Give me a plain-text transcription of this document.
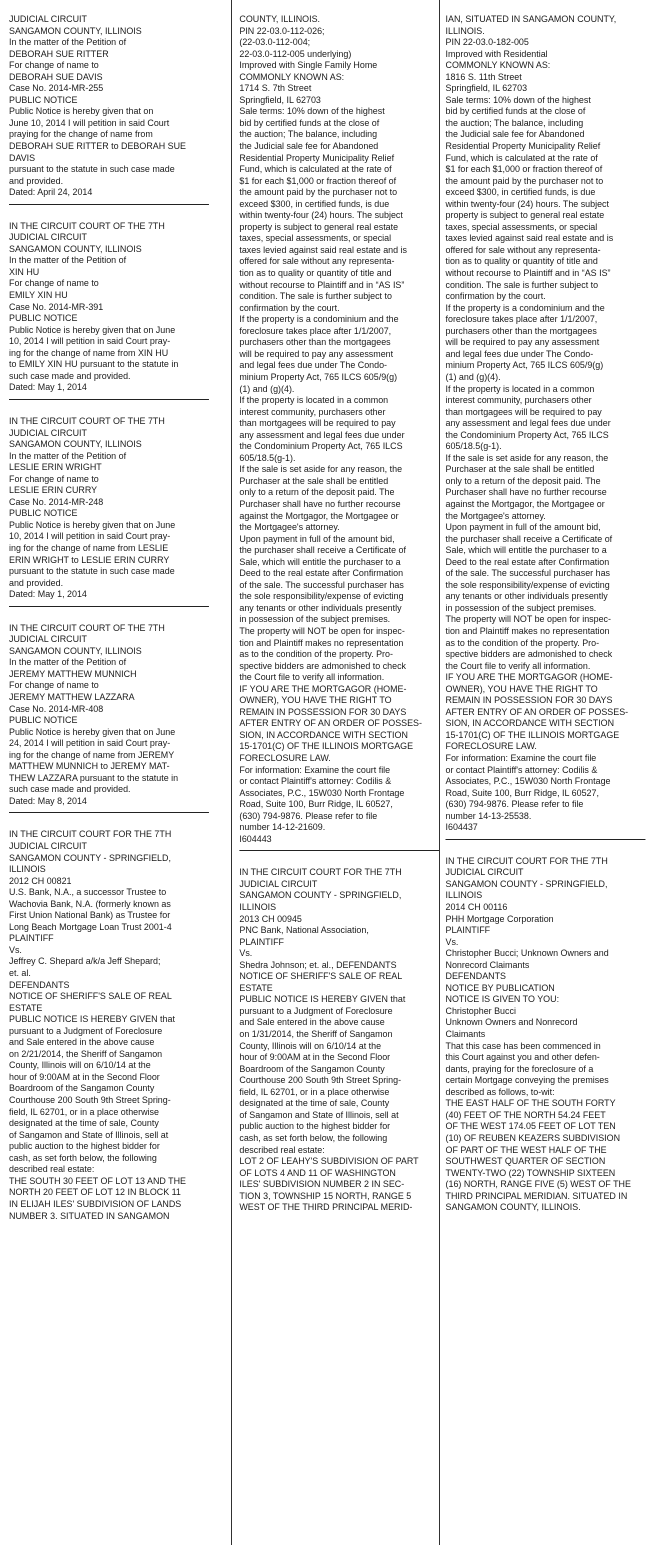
JUDICIAL CIRCUIT
SANGAMON COUNTY, ILLINOIS
In the matter of the Petition of
DEBORAH SUE RITTER
For change of name to
DEBORAH SUE DAVIS
Case No. 2014-MR-255
PUBLIC NOTICE
Public Notice is hereby given that on
June 10, 2014 I will petition in said Court
praying for the change of name from
DEBORAH SUE RITTER to DEBORAH SUE
DAVIS
pursuant to the statute in such case made
and provided.
Dated: April 24, 2014
IN THE CIRCUIT COURT OF THE 7TH
JUDICIAL CIRCUIT
SANGAMON COUNTY, ILLINOIS
In the matter of the Petition of
XIN HU
For change of name to
EMILY XIN HU
Case No. 2014-MR-391
PUBLIC NOTICE
Public Notice is hereby given that on June
10, 2014 I will petition in said Court pray-
ing for the change of name from XIN HU
to EMILY XIN HU pursuant to the statute in
such case made and provided.
Dated: May 1, 2014
IN THE CIRCUIT COURT OF THE 7TH
JUDICIAL CIRCUIT
SANGAMON COUNTY, ILLINOIS
In the matter of the Petition of
LESLIE ERIN WRIGHT
For change of name to
LESLIE ERIN CURRY
Case No. 2014-MR-248
PUBLIC NOTICE
Public Notice is hereby given that on June
10, 2014 I will petition in said Court pray-
ing for the change of name from LESLIE
ERIN WRIGHT to LESLIE ERIN CURRY
pursuant to the statute in such case made
and provided.
Dated: May 1, 2014
IN THE CIRCUIT COURT OF THE 7TH
JUDICIAL CIRCUIT
SANGAMON COUNTY, ILLINOIS
In the matter of the Petition of
JEREMY MATTHEW MUNNICH
For change of name to
JEREMY MATTHEW LAZZARA
Case No. 2014-MR-408
PUBLIC NOTICE
Public Notice is hereby given that on June
24, 2014 I will petition in said Court pray-
ing for the change of name from JEREMY
MATTHEW MUNNICH to JEREMY MAT-
THEW LAZZARA pursuant to the statute in
such case made and provided.
Dated: May 8, 2014
IN THE CIRCUIT COURT FOR THE 7TH
JUDICIAL CIRCUIT
SANGAMON COUNTY - SPRINGFIELD,
ILLINOIS
2012 CH 00821
U.S. Bank, N.A., a successor Trustee to
Wachovia Bank, N.A. (formerly known as
First Union National Bank) as Trustee for
Long Beach Mortgage Loan Trust 2001-4
PLAINTIFF
Vs.
Jeffrey C. Shepard a/k/a Jeff Shepard;
et. al.
DEFENDANTS
NOTICE OF SHERIFF'S SALE OF REAL
ESTATE
PUBLIC NOTICE IS HEREBY GIVEN that
pursuant to a Judgment of Foreclosure
and Sale entered in the above cause
on 2/21/2014, the Sheriff of Sangamon
County, Illinois will on 6/10/14 at the
hour of 9:00AM at in the Second Floor
Boardroom of the Sangamon County
Courthouse 200 South 9th Street Spring-
field, IL 62701, or in a place otherwise
designated at the time of sale, County
of Sangamon and State of Illinois, sell at
public auction to the highest bidder for
cash, as set forth below, the following
described real estate:
THE SOUTH 30 FEET OF LOT 13 AND THE
NORTH 20 FEET OF LOT 12 IN BLOCK 11
IN ELIJAH ILES' SUBDIVISION OF LANDS
NUMBER 3. SITUATED IN SANGAMON
COUNTY, ILLINOIS.
PIN 22-03.0-112-026;
(22-03.0-112-004;
22-03.0-112-005 underlying)
Improved with Single Family Home
COMMONLY KNOWN AS:
1714 S. 7th Street
Springfield, IL 62703
Sale terms: 10% down of the highest
bid by certified funds at the close of
the auction; The balance, including
the Judicial sale fee for Abandoned
Residential Property Municipality Relief
Fund, which is calculated at the rate of
$1 for each $1,000 or fraction thereof of
the amount paid by the purchaser not to
exceed $300, in certified funds, is due
within twenty-four (24) hours. The subject
property is subject to general real estate
taxes, special assessments, or special
taxes levied against said real estate and is
offered for sale without any representa-
tion as to quality or quantity of title and
without recourse to Plaintiff and in “AS IS”
condition. The sale is further subject to
confirmation by the court.
If the property is a condominium and the
foreclosure takes place after 1/1/2007,
purchasers other than the mortgagees
will be required to pay any assessment
and legal fees due under The Condo-
minium Property Act, 765 ILCS 605/9(g)
(1) and (g)(4).
If the property is located in a common
interest community, purchasers other
than mortgagees will be required to pay
any assessment and legal fees due under
the Condominium Property Act, 765 ILCS
605/18.5(g-1).
If the sale is set aside for any reason, the
Purchaser at the sale shall be entitled
only to a return of the deposit paid. The
Purchaser shall have no further recourse
against the Mortgagor, the Mortgagee or
the Mortgagee's attorney.
Upon payment in full of the amount bid,
the purchaser shall receive a Certificate of
Sale, which will entitle the purchaser to a
Deed to the real estate after Confirmation
of the sale. The successful purchaser has
the sole responsibility/expense of evicting
any tenants or other individuals presently
in possession of the subject premises.
The property will NOT be open for inspec-
tion and Plaintiff makes no representation
as to the condition of the property. Pro-
spective bidders are admonished to check
the Court file to verify all information.
IF YOU ARE THE MORTGAGOR (HOME-
OWNER), YOU HAVE THE RIGHT TO
REMAIN IN POSSESSION FOR 30 DAYS
AFTER ENTRY OF AN ORDER OF POSSES-
SION, IN ACCORDANCE WITH SECTION
15-1701(C) OF THE ILLINOIS MORTGAGE
FORECLOSURE LAW.
For information: Examine the court file
or contact Plaintiff's attorney: Codilis &
Associates, P.C., 15W030 North Frontage
Road, Suite 100, Burr Ridge, IL 60527,
(630) 794-9876. Please refer to file
number 14-12-21609.
I604443
IN THE CIRCUIT COURT FOR THE 7TH
JUDICIAL CIRCUIT
SANGAMON COUNTY - SPRINGFIELD,
ILLINOIS
2013 CH 00945
PNC Bank, National Association,
PLAINTIFF
Vs.
Shedra Johnson; et. al., DEFENDANTS
NOTICE OF SHERIFF'S SALE OF REAL
ESTATE
PUBLIC NOTICE IS HEREBY GIVEN that
pursuant to a Judgment of Foreclosure
and Sale entered in the above cause
on 1/31/2014, the Sheriff of Sangamon
County, Illinois will on 6/10/14 at the
hour of 9:00AM at in the Second Floor
Boardroom of the Sangamon County
Courthouse 200 South 9th Street Spring-
field, IL 62701, or in a place otherwise
designated at the time of sale, County
of Sangamon and State of Illinois, sell at
public auction to the highest bidder for
cash, as set forth below, the following
described real estate:
LOT 2 OF LEAHY'S SUBDIVISION OF PART
OF LOTS 4 AND 11 OF WASHINGTON
ILES' SUBDIVISION NUMBER 2 IN SEC-
TION 3, TOWNSHIP 15 NORTH, RANGE 5
WEST OF THE THIRD PRINCIPAL MERID-
IAN, SITUATED IN SANGAMON COUNTY,
ILLINOIS.
PIN 22-03.0-182-005
Improved with Residential
COMMONLY KNOWN AS:
1816 S. 11th Street
Springfield, IL 62703
Sale terms: 10% down of the highest
bid by certified funds at the close of
the auction; The balance, including
the Judicial sale fee for Abandoned
Residential Property Municipality Relief
Fund, which is calculated at the rate of
$1 for each $1,000 or fraction thereof of
the amount paid by the purchaser not to
exceed $300, in certified funds, is due
within twenty-four (24) hours. The subject
property is subject to general real estate
taxes, special assessments, or special
taxes levied against said real estate and is
offered for sale without any representa-
tion as to quality or quantity of title and
without recourse to Plaintiff and in “AS IS”
condition. The sale is further subject to
confirmation by the court.
If the property is a condominium and the
foreclosure takes place after 1/1/2007,
purchasers other than the mortgagees
will be required to pay any assessment
and legal fees due under The Condo-
minium Property Act, 765 ILCS 605/9(g)
(1) and (g)(4).
If the property is located in a common
interest community, purchasers other
than mortgagees will be required to pay
any assessment and legal fees due under
the Condominium Property Act, 765 ILCS
605/18.5(g-1).
If the sale is set aside for any reason, the
Purchaser at the sale shall be entitled
only to a return of the deposit paid. The
Purchaser shall have no further recourse
against the Mortgagor, the Mortgagee or
the Mortgagee's attorney.
Upon payment in full of the amount bid,
the purchaser shall receive a Certificate of
Sale, which will entitle the purchaser to a
Deed to the real estate after Confirmation
of the sale. The successful purchaser has
the sole responsibility/expense of evicting
any tenants or other individuals presently
in possession of the subject premises.
The property will NOT be open for inspec-
tion and Plaintiff makes no representation
as to the condition of the property. Pro-
spective bidders are admonished to check
the Court file to verify all information.
IF YOU ARE THE MORTGAGOR (HOME-
OWNER), YOU HAVE THE RIGHT TO
REMAIN IN POSSESSION FOR 30 DAYS
AFTER ENTRY OF AN ORDER OF POSSES-
SION, IN ACCORDANCE WITH SECTION
15-1701(C) OF THE ILLINOIS MORTGAGE
FORECLOSURE LAW.
For information: Examine the court file
or contact Plaintiff's attorney: Codilis &
Associates, P.C., 15W030 North Frontage
Road, Suite 100, Burr Ridge, IL 60527,
(630) 794-9876. Please refer to file
number 14-13-25538.
I604437
IN THE CIRCUIT COURT FOR THE 7TH
JUDICIAL CIRCUIT
SANGAMON COUNTY - SPRINGFIELD,
ILLINOIS
2014 CH 00116
PHH Mortgage Corporation
PLAINTIFF
Vs.
Christopher Bucci; Unknown Owners and
Nonrecord Claimants
DEFENDANTS
NOTICE BY PUBLICATION
NOTICE IS GIVEN TO YOU:
Christopher Bucci
Unknown Owners and Nonrecord
Claimants
That this case has been commenced in
this Court against you and other defen-
dants, praying for the foreclosure of a
certain Mortgage conveying the premises
described as follows, to-wit:
THE EAST HALF OF THE SOUTH FORTY
(40) FEET OF THE NORTH 54.24 FEET
OF THE WEST 174.05 FEET OF LOT TEN
(10) OF REUBEN KEAZERS SUBDIVISION
OF PART OF THE WEST HALF OF THE
SOUTHWEST QUARTER OF SECTION
TWENTY-TWO (22) TOWNSHIP SIXTEEN
(16) NORTH, RANGE FIVE (5) WEST OF THE
THIRD PRINCIPAL MERIDIAN. SITUATED IN
SANGAMON COUNTY, ILLINOIS.
